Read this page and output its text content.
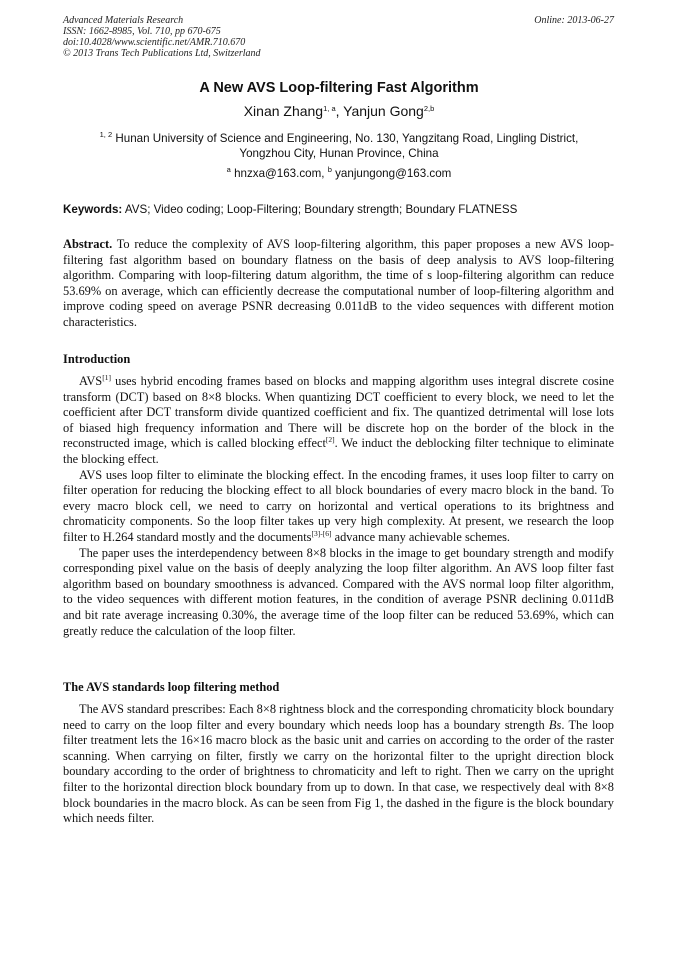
Advanced Materials Research
ISSN: 1662-8985, Vol. 710, pp 670-675
doi:10.4028/www.scientific.net/AMR.710.670
© 2013 Trans Tech Publications Ltd, Switzerland
Online: 2013-06-27
A New AVS Loop-filtering Fast Algorithm
Xinan Zhang$^{1, a}$, Yanjun Gong$^{2,b}$
$^{1, 2}$ Hunan University of Science and Engineering, No. 130, Yangzitang Road, Lingling District,
Yongzhou City, Hunan Province, China
$^a$ hnzxa@163.com, $^b$ yanjungong@163.com
Keywords: AVS; Video coding; Loop-Filtering; Boundary strength; Boundary FLATNESS

Abstract. To reduce the complexity of AVS loop-filtering algorithm, this paper proposes a new AVS loop-filtering fast algorithm based on boundary flatness on the basis of deep analysis to AVS loop-filtering algorithm. Comparing with loop-filtering datum algorithm, the time of s loop-filtering algorithm can reduce 53.69% on average, which can efficiently decrease the computational number of loop-filtering algorithm and improve coding speed on average PSNR decreasing 0.011dB to the video sequences with different motion characteristics.

Introduction

AVS[1] uses hybrid encoding frames based on blocks and mapping algorithm uses integral discrete cosine transform (DCT) based on 8×8 blocks. When quantizing DCT coefficient to every block, we need to let the coefficient after DCT transform divide quantized coefficient and fix. The quantized detrimental will lose lots of biased high frequency information and There will be discrete hop on the border of the block in the reconstructed image, which is called blocking effect[2]. We induct the deblocking filter technique to eliminate the blocking effect.

AVS uses loop filter to eliminate the blocking effect. In the encoding frames, it uses loop filter to carry on filter operation for reducing the blocking effect to all block boundaries of every macro block in the band. To every macro block cell, we need to carry on horizontal and vertical operations to its brightness and chromaticity components. So the loop filter takes up very high complexity. At present, we research the loop filter to H.264 standard mostly and the documents[3]-[6] advance many achievable schemes.

The paper uses the interdependency between 8×8 blocks in the image to get boundary strength and modify corresponding pixel value on the basis of deeply analyzing the loop filter algorithm. An AVS loop filter fast algorithm based on boundary smoothness is advanced. Compared with the AVS normal loop filter algorithm, to the video sequences with different motion features, in the condition of average PSNR declining 0.011dB and bit rate average increasing 0.30%, the average time of the loop filter can be reduced 53.69%, which can greatly reduce the calculation of the loop filter.

The AVS standards loop filtering method

The AVS standard prescribes: Each 8×8 rightness block and the corresponding chromaticity block boundary need to carry on the loop filter and every boundary which needs loop has a boundary strength Bs. The loop filter treatment lets the 16×16 macro block as the basic unit and carries on according to the order of the raster scanning. When carrying on filter, firstly we carry on the horizontal filter to the upright direction block boundary according to the order of brightness to chromaticity and left to right. Then we carry on the upright filter to the horizontal direction block boundary from up to down. In that case, we respectively deal with 8×8 block boundaries in the macro block. As can be seen from Fig 1, the dashed in the figure is the block boundary which needs filter.
